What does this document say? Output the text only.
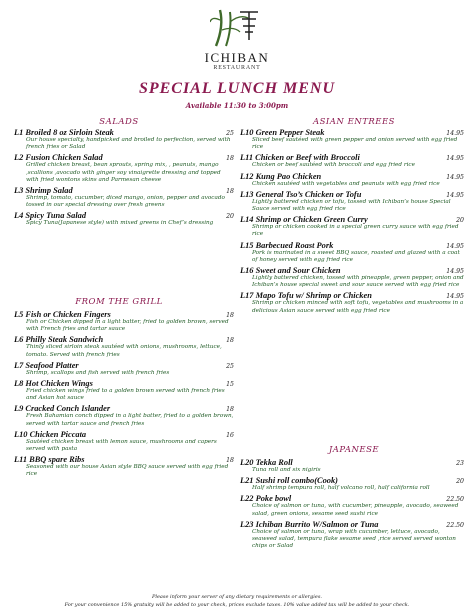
ICHIBAN
RESTAURANT
SPECIAL LUNCH MENU
Available 11:30 to 3:00pm
SALADS
L1 Broiled 8 oz Sirloin Steak	25
Our house specialty, handpicked and broiled to perfection, served with french fries or Salad
L2 Fusion Chicken Salad	18
Grilled chicken breast, bean sprouts, spring mix, , peanuts, mango ,scallions ,avocado with ginger soy vinaigrette dressing and topped with fried wontons skins and Parmesan cheese
L3 Shrimp Salad	18
Shrimp, tomato, cucumber, diced mango, onion, pepper and avocado tossed in our special dressing over fresh greens
L4 Spicy Tuna Salad	20
Spicy Tuna(Japanese style) with mixed greens in Chef’s dressing
FROM THE GRILL
L5 Fish or Chicken Fingers	18
Fish or Chicken dipped in a light batter, fried to golden brown, served with French fries and tartar sauce
L6 Philly Steak Sandwich	18
Thinly sliced sirloin steak sautéed with onions, mushrooms, lettuce, tomato. Served with french fries
L7 Seafood Platter	25
Shrimp, scallops and fish served with french fries
L8 Hot Chicken Wings	15
Fried chicken wings fried to a golden brown served with french fries and Asian hot sauce
L9 Cracked Conch Islander	18
Fresh Bahamian conch dipped in a light batter, fried to a golden brown, served with tartar sauce and french fries
L10 Chicken Piccata	16
Sautéed chicken breast with lemon sauce, mushrooms and capers served with pasta
L11 BBQ spare Ribs	18
Seasoned with our house Asian style BBQ sauce served with egg fried rice
ASIAN ENTREES
L10 Green Pepper Steak	14.95
Sliced beef sautéed with green pepper and onion served with egg fried rice
L11 Chicken or Beef with Broccoli	14.95
Chicken or beef sautéed with broccoli and egg fried rice
L12 Kung Pao Chicken	14.95
Chicken sautéed with vegetables and peanuts with egg fried rice
L13 General Tso’s Chicken or Tofu	14.95
Lightly battered chicken or tofu, tossed with Ichiban’s house Special Sauce served with egg fried rice
L14 Shrimp or Chicken Green Curry	20
Shrimp or chicken cooked in a special green curry sauce with egg fried rice
L15 Barbecued Roast Pork	14.95
Pork is marinated in a sweet BBQ sauce, roasted and glazed with a coat of honey served with egg fried rice
L16 Sweet and Sour Chicken	14.95
Lightly battered chicken, tossed with pineapple, green pepper, onion and Ichiban’s house special sweet and sour sauce served with egg fried rice
L17 Mapo Tofu w/ Shrimp or Chicken	14.95
Shrimp or chicken minced with soft tofu, vegetables and mushrooms in a delicious Asian sauce served with egg fried rice
JAPANESE
L20 Tekka Roll	23
Tuna roll and six nigiris
L21 Sushi roll combo(Cook)	20
Half shrimp tempura roll, half volcano roll, half california roll
L22 Poke bowl	22.50
Choice of salmon or tuna, with cucumber, pineapple, avocado, seaweed salad, green onions, sesame seed sushi rice
L23 Ichiban Burrito W/Salmon or Tuna	22.50
Choice of salmon or tuna, wrap with cucumber, lettuce, avocado, seaweed salad, tempura flake sesame seed ,rice served served wonton chips or Salad
Please inform your server of any dietary requirements or allergies.
For your convenience 15% gratuity will be added to your check, prices exclude taxes. 10% value added tax will be added to your check.
